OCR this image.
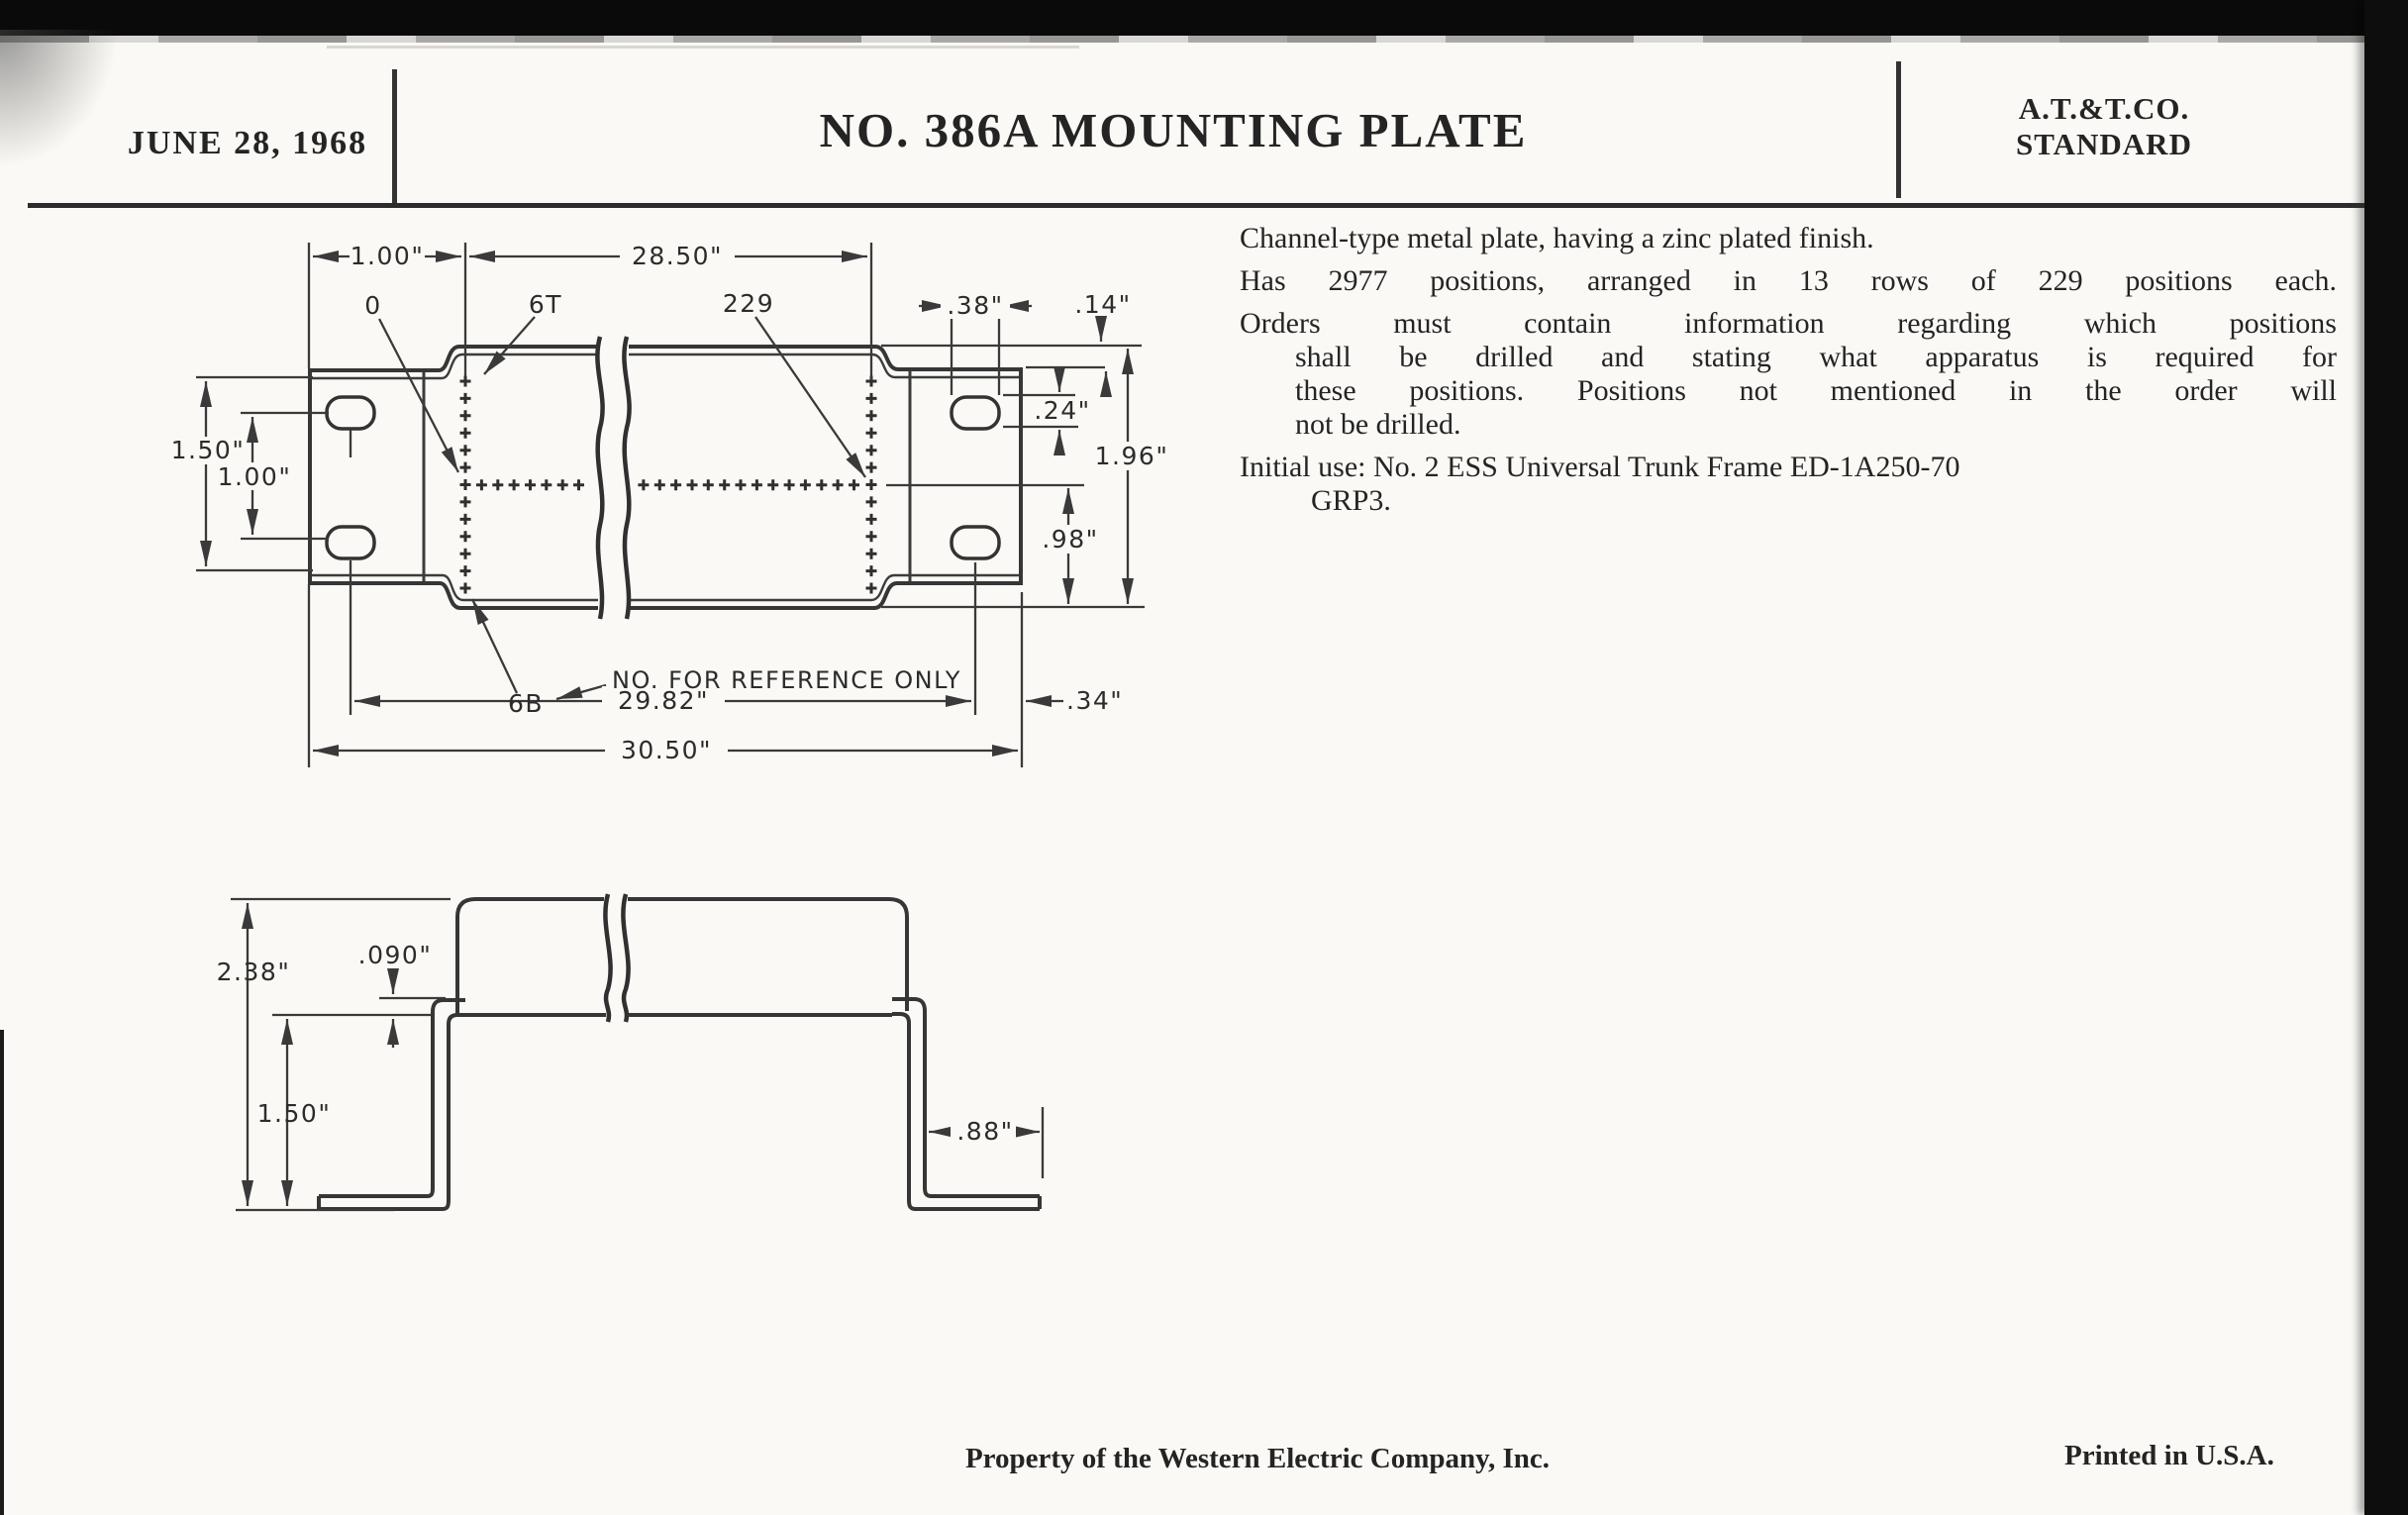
JUNE 28, 1968	NO. 386A MOUNTING PLATE	A.T.&T.CO.
STANDARD
Channel-type metal plate, having a zinc plated finish.
Has 2977 positions, arranged in 13 rows of 229 positions each.
Orders must contain information regarding which positions
shall be drilled and stating what apparatus is required for
these positions. Positions not mentioned in the order will
not be drilled.
Initial use: No. 2 ESS Universal Trunk Frame ED-1A250-70
GRP3.
1.00"	28.50"
0	6T	229	.38"	.14"
.24"
1.96"
.98"
1.50"
1.00"
6B
NO. FOR REFERENCE ONLY
29.82"	.34"
30.50"
2.38"
.090"
1.50"
.88"
Property of the Western Electric Company, Inc.	Printed in U.S.A.
